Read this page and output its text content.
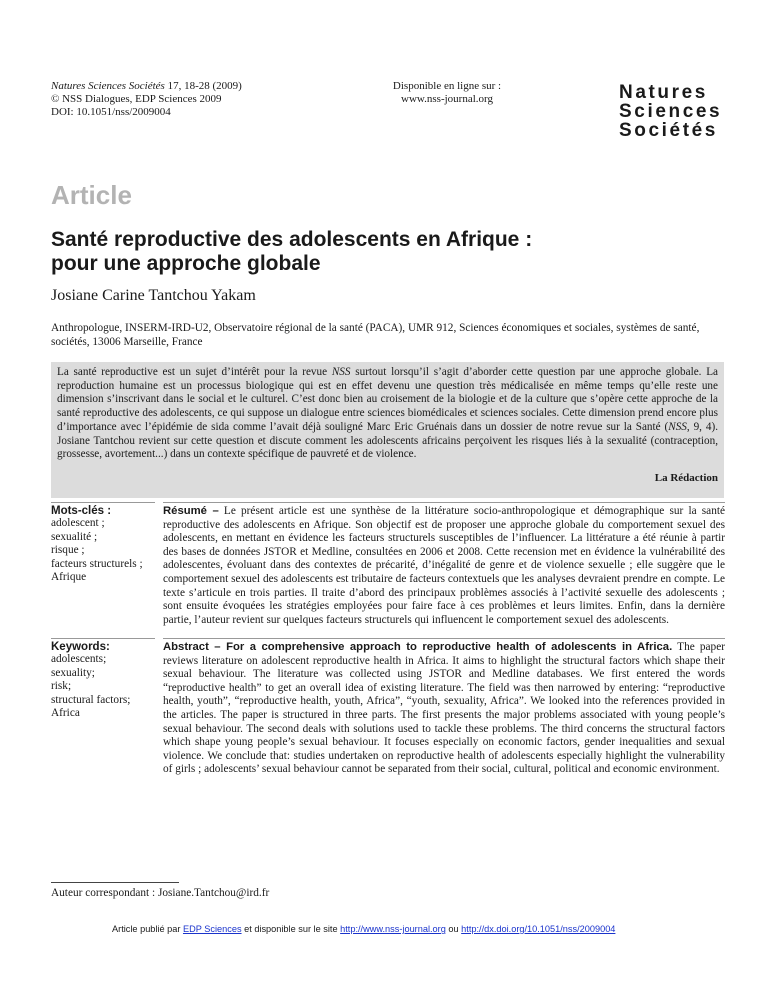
Natures Sciences Sociétés 17, 18-28 (2009)
© NSS Dialogues, EDP Sciences 2009
DOI: 10.1051/nss/2009004
Disponible en ligne sur :
www.nss-journal.org	Natures
Sciences
Sociétés
Article
Santé reproductive des adolescents en Afrique :
pour une approche globale
Josiane Carine Tantchou Yakam
Anthropologue, INSERM-IRD-U2, Observatoire régional de la santé (PACA), UMR 912, Sciences économiques et sociales, systèmes de santé, sociétés, 13006 Marseille, France
La santé reproductive est un sujet d’intérêt pour la revue NSS surtout lorsqu’il s’agit d’aborder cette question par une approche globale. La reproduction humaine est un processus biologique qui est en effet devenu une question très médicalisée en même temps qu’elle reste une dimension s’inscrivant dans le social et le culturel. C’est donc bien au croisement de la biologie et de la culture que s’opère cette approche de la santé reproductive des adolescents, ce qui suppose un dialogue entre sciences biomédicales et sciences sociales. Cette dimension prend encore plus d’importance avec l’épidémie de sida comme l’avait déjà souligné Marc Eric Gruénais dans un dossier de notre revue sur la Santé (NSS, 9, 4). Josiane Tantchou revient sur cette question et discute comment les adolescents africains perçoivent les risques liés à la sexualité (contraception, grossesse, avortement...) dans un contexte spécifique de pauvreté et de violence.
La Rédaction
Mots-clés :
adolescent ;
sexualité ;
risque ;
facteurs structurels ;
Afrique
Résumé – Le présent article est une synthèse de la littérature socio-anthropologique et démographique sur la santé reproductive des adolescents en Afrique. Son objectif est de proposer une approche globale du comportement sexuel des adolescents, en mettant en évidence les facteurs structurels susceptibles de l’influencer. La littérature a été réunie à partir des bases de données JSTOR et Medline, consultées en 2006 et 2008. Cette recension met en évidence la vulnérabilité des adolescentes, évoluant dans des contextes de précarité, d’inégalité de genre et de violence sexuelle ; elle suggère que le comportement sexuel des adolescents est tributaire de facteurs contextuels que les analyses devraient prendre en compte. Le texte s’articule en trois parties. Il traite d’abord des principaux problèmes associés à l’activité sexuelle des adolescents ; sont ensuite évoquées les stratégies employées pour faire face à ces problèmes et leurs limites. Enfin, dans la dernière partie, l’auteur revient sur quelques facteurs structurels qui influencent le comportement sexuel des adolescents.
Keywords:
adolescents;
sexuality;
risk;
structural factors;
Africa
Abstract – For a comprehensive approach to reproductive health of adolescents in Africa. The paper reviews literature on adolescent reproductive health in Africa. It aims to highlight the structural factors which shape their sexual behaviour. The literature was collected using JSTOR and Medline databases. We first entered the words “reproductive health” to get an overall idea of existing literature. The field was then narrowed by entering: “reproductive health, youth”, “reproductive health, youth, Africa”, “youth, sexuality, Africa”. We looked into the references provided in the articles. The paper is structured in three parts. The first presents the major problems associated with young people’s sexual behaviour. The second deals with solutions used to tackle these problems. The third concerns the structural factors which shape young people’s sexual behaviour. It focuses especially on economic factors, gender inequalities and sexual violence. We conclude that: studies undertaken on reproductive health of adolescents especially highlight the vulnerability of girls ; adolescents’ sexual behaviour cannot be separated from their social, cultural, political and economic environment.
Auteur correspondant : Josiane.Tantchou@ird.fr
Article publié par EDP Sciences et disponible sur le site http://www.nss-journal.org ou http://dx.doi.org/10.1051/nss/2009004
